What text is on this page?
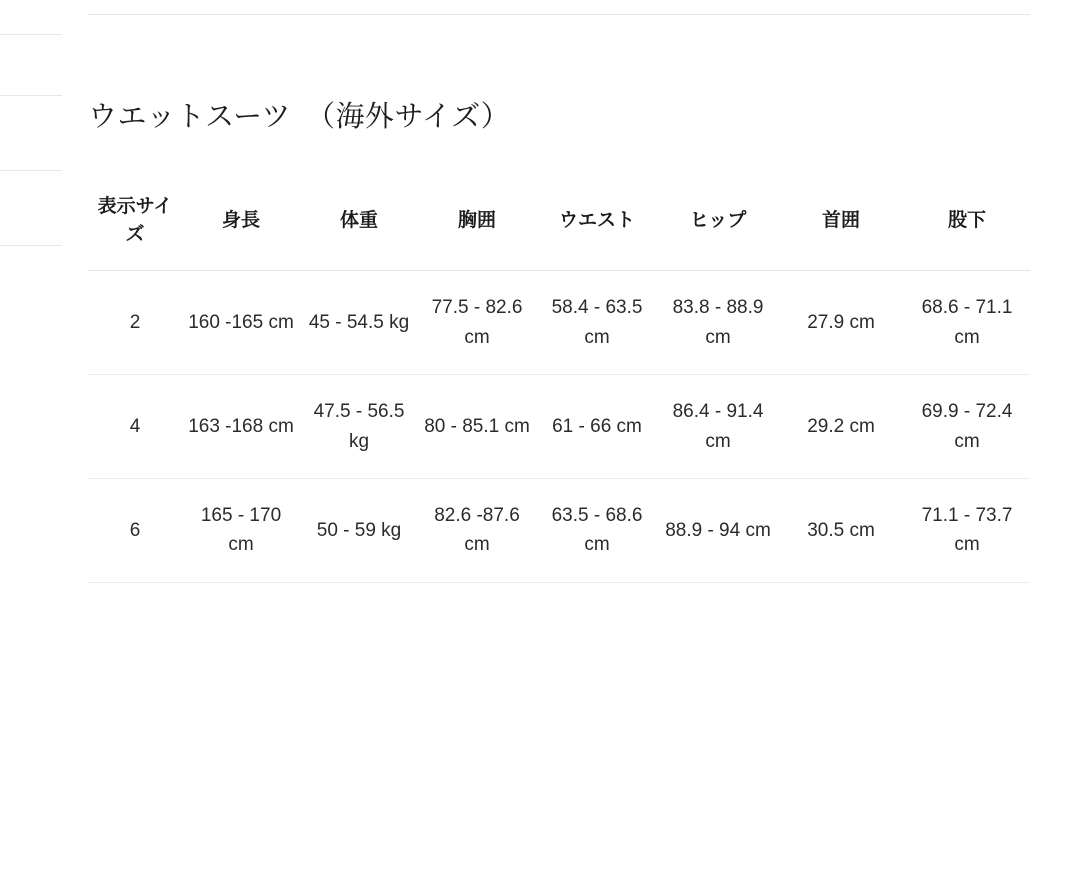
ウエットスーツ　（海外サイズ）
表示サイズ	身長	体重	胸囲	ウエスト	ヒップ	首囲	股下
2	160 -165 cm	45 - 54.5 kg	77.5 - 82.6 cm	58.4 - 63.5 cm	83.8 - 88.9 cm	27.9 cm	68.6 - 71.1 cm
4	163 -168 cm	47.5 - 56.5 kg	80 - 85.1 cm	61 - 66 cm	86.4 - 91.4 cm	29.2 cm	69.9 - 72.4 cm
6	165 - 170 cm	50 - 59 kg	82.6 -87.6 cm	63.5 - 68.6 cm	88.9 - 94 cm	30.5 cm	71.1 - 73.7 cm
